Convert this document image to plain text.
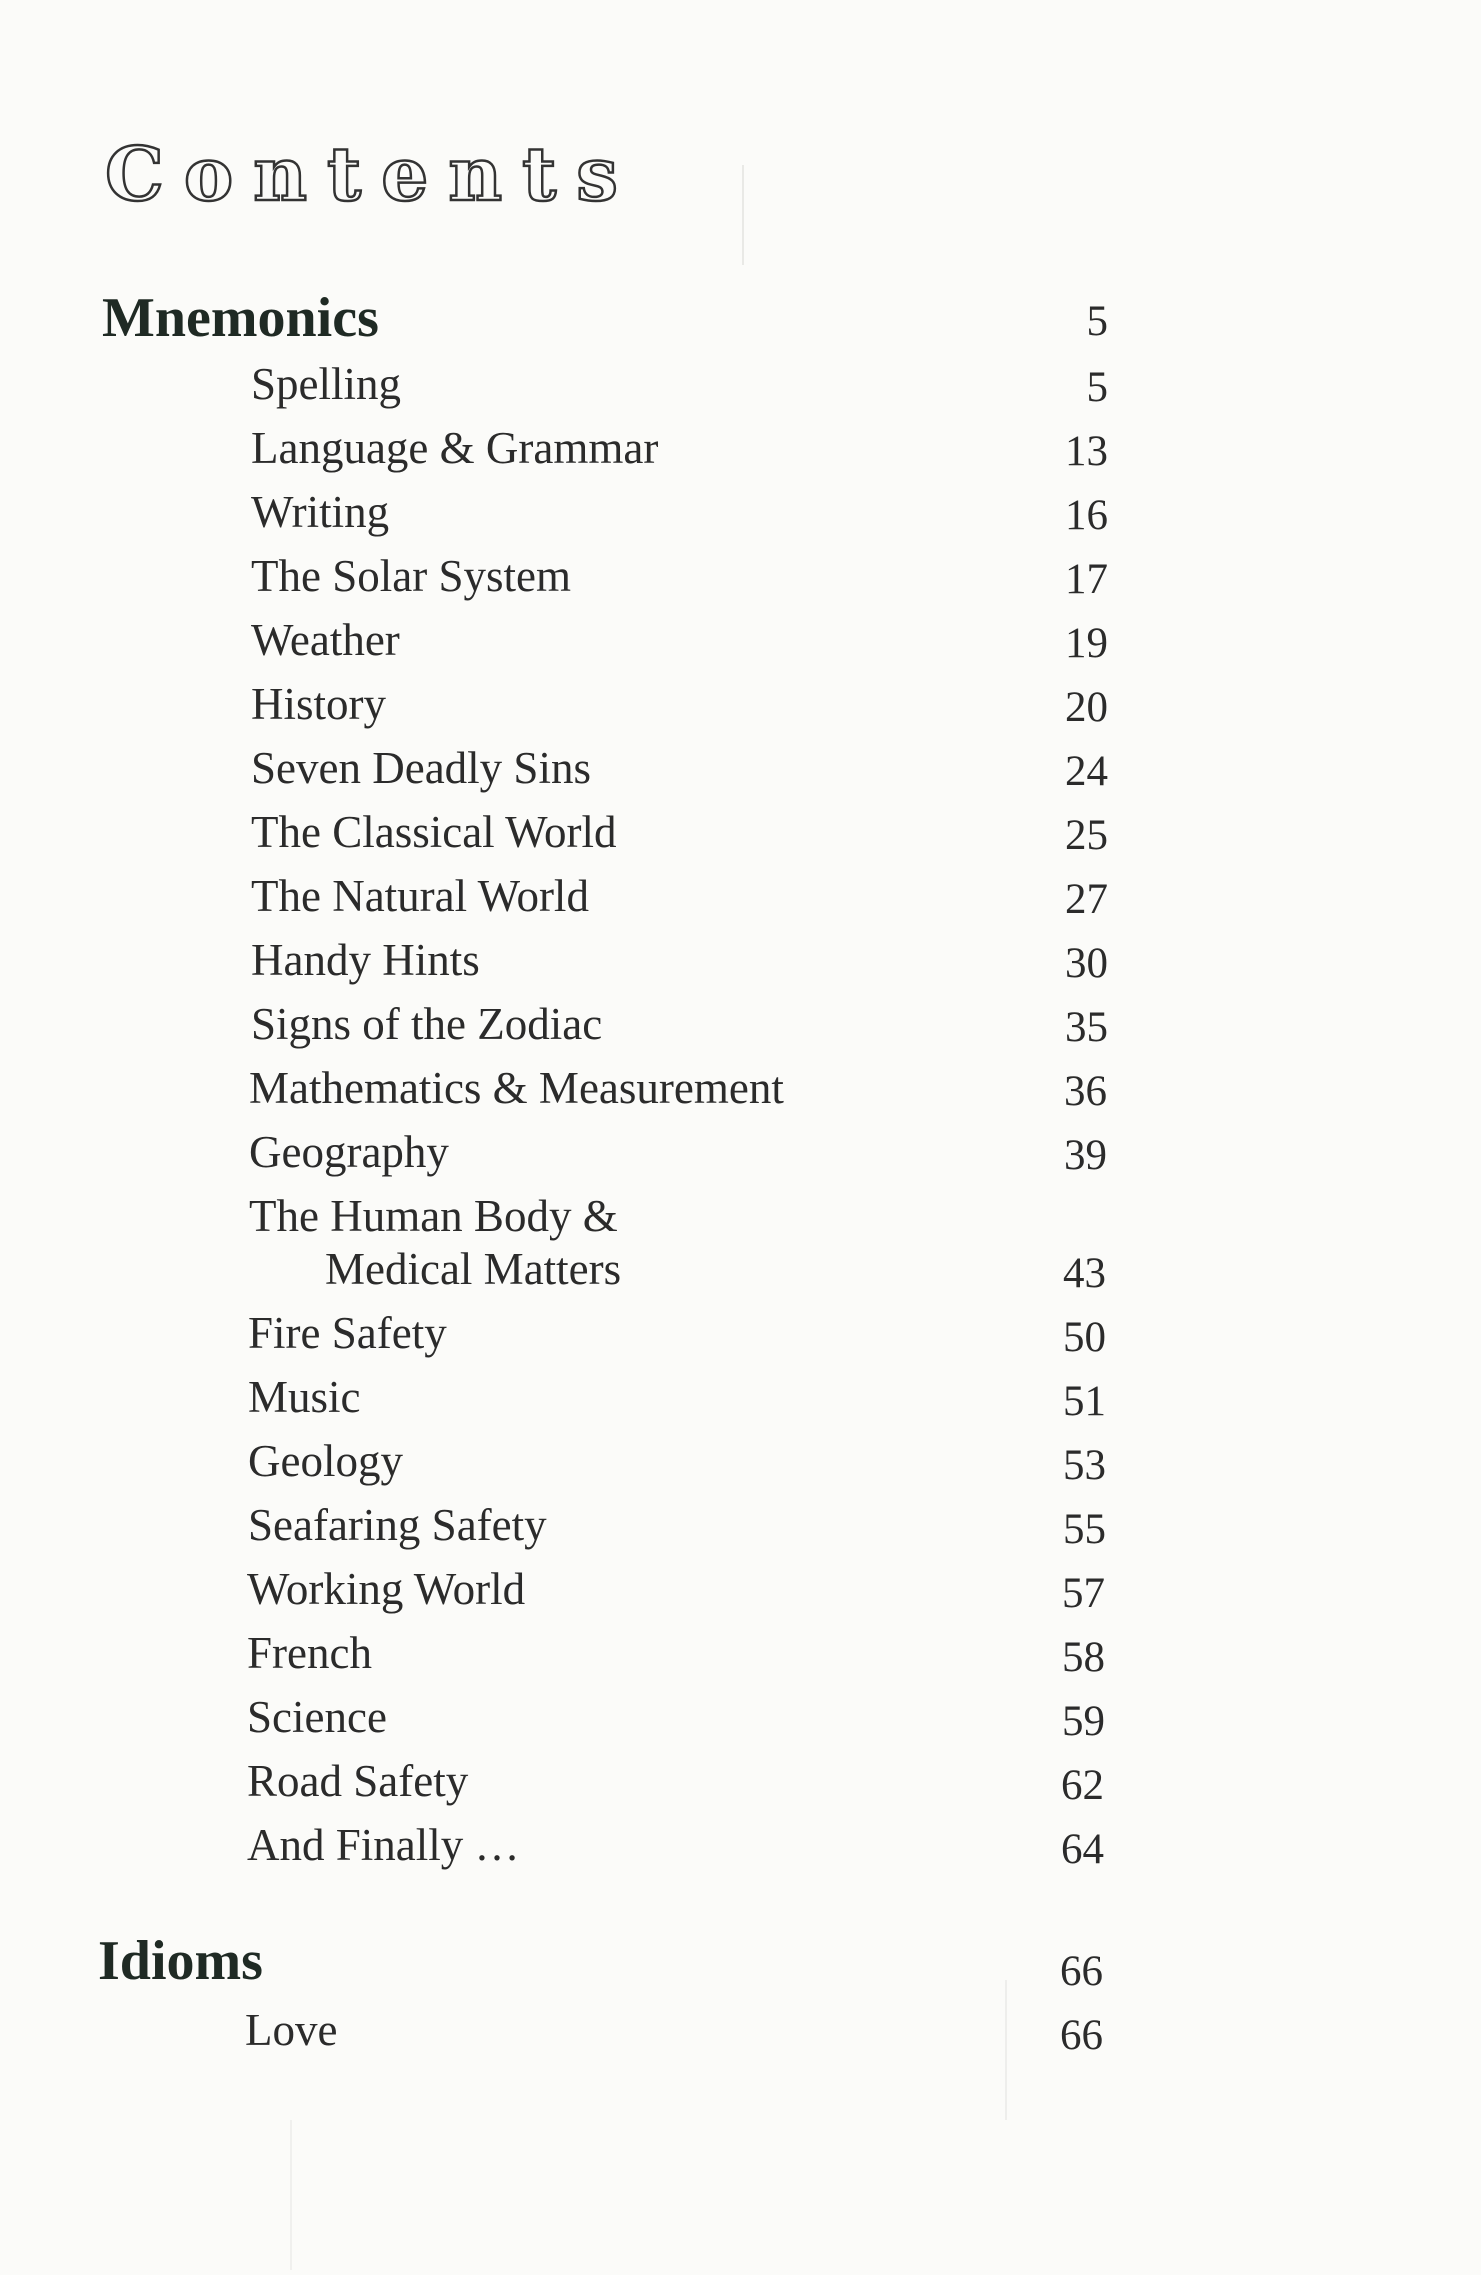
Contents
Mnemonics	5
Spelling	5
Language & Grammar	13
Writing	16
The Solar System	17
Weather	19
History	20
Seven Deadly Sins	24
The Classical World	25
The Natural World	27
Handy Hints	30
Signs of the Zodiac	35
Mathematics & Measurement	36
Geography	39
The Human Body &
Medical Matters	43
Fire Safety	50
Music	51
Geology	53
Seafaring Safety	55
Working World	57
French	58
Science	59
Road Safety	62
And Finally …	64
Idioms	66
Love	66
